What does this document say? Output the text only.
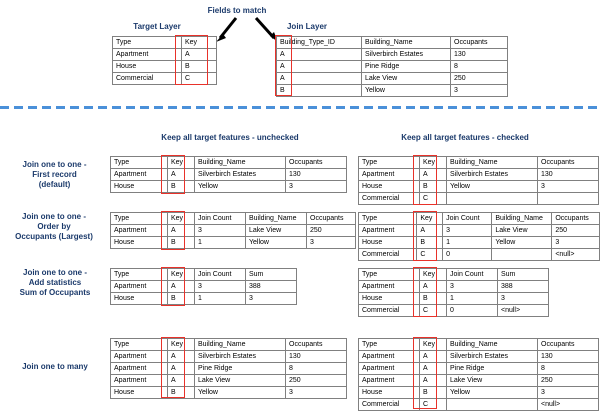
Target Layer
Fields to match
Join Layer
Type	Key
Apartment	A
House	B
Commercial	C
Building_Type_ID	Building_Name	Occupants
A	Silverbirch Estates	130
A	Pine Ridge	8
A	Lake View	250
B	Yellow	3
Keep all target features - unchecked	Keep all target features - checked
Join one to one -
First record
(default)
Type	Key	Building_Name	Occupants
Apartment	A	Silverbirch Estates	130
House	B	Yellow	3
Type	Key	Building_Name	Occupants
Apartment	A	Silverbirch Estates	130
House	B	Yellow	3
Commercial	C		
Join one to one -
Order by
Occupants (Largest)
Type	Key	Join Count	Building_Name	Occupants
Apartment	A	3	Lake View	250
House	B	1	Yellow	3
Type	Key	Join Count	Building_Name	Occupants
Apartment	A	3	Lake View	250
House	B	1	Yellow	3
Commercial	C	0		<null>
Join one to one -
Add statistics
Sum of Occupants
Type	Key	Join Count	Sum
Apartment	A	3	388
House	B	1	3
Type	Key	Join Count	Sum
Apartment	A	3	388
House	B	1	3
Commercial	C	0	<null>
Join one to many
Type	Key	Building_Name	Occupants
Apartment	A	Silverbirch Estates	130
Apartment	A	Pine Ridge	8
Apartment	A	Lake View	250
House	B	Yellow	3
Type	Key	Building_Name	Occupants
Apartment	A	Silverbirch Estates	130
Apartment	A	Pine Ridge	8
Apartment	A	Lake View	250
House	B	Yellow	3
Commercial	C		<null>
